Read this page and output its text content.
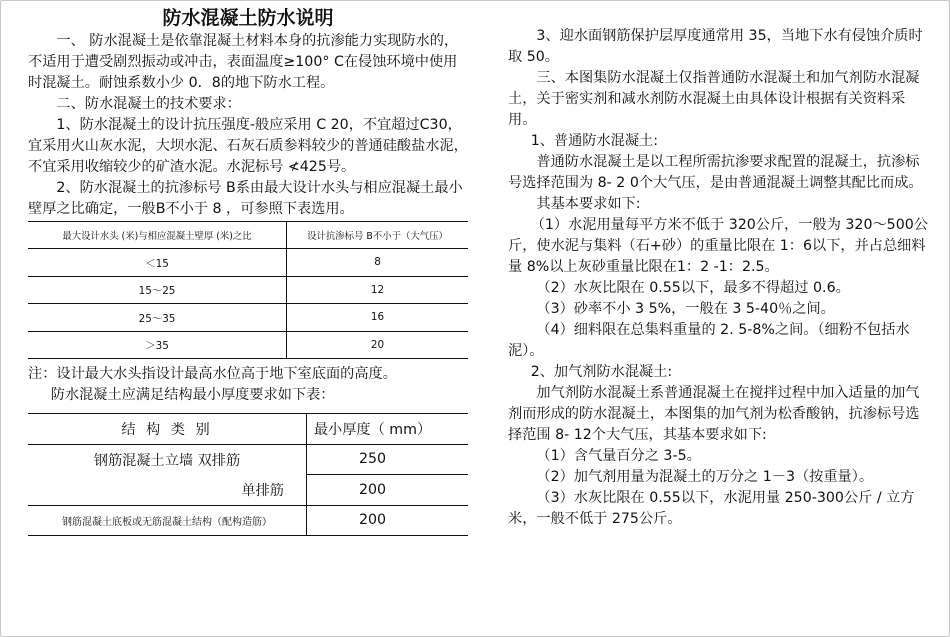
防水混凝土防水说明

一、 防水混凝土是依靠混凝土材料本身的抗渗能力实现防水的，不适用于遭受剧烈振动或冲击，表面温度≥100° C在侵蚀环境中使用时混凝土。耐蚀系数小少 0．8的地下防水工程。

二、防水混凝土的技术要求：

1、防水混凝土的设计抗压强度-般应采用 C 20，不宜超过C30，宜采用火山灰水泥，大坝水泥、石灰石质参料较少的普通硅酸盐水泥，不宜采用收缩较少的矿渣水泥。水泥标号 ≮425号。

2、防水混凝土的抗渗标号 B系由最大设计水头与相应混凝土最小壁厚之比确定，一般B不小于 8 ，可参照下表选用。

最大设计水头 (米)与相应混凝土壁厚 (米)之比	设计抗渗标号 B不小于（大气压）
＜15	8
15～25	12
25～35	16
＞35	20

注：设计最大水头指设计最高水位高于地下室底面的高度。

防水混凝土应满足结构最小厚度要求如下表：

结 构 类 别	最小厚度（ mm）
钢筋混凝土立墙 双排筋	250
单排筋	200
钢筋混凝土底板或无筋混凝土结构（配构造筋）	200

3、迎水面钢筋保护层厚度通常用 35，当地下水有侵蚀介质时取 50。

三、本图集防水混凝土仅指普通防水混凝土和加气剂防水混凝土，关于密实剂和减水剂防水混凝土由具体设计根据有关资料采用。

1、普通防水混凝土:

普通防水混凝土是以工程所需抗渗要求配置的混凝土，抗渗标号选择范围为 8- 2 0个大气压，是由普通混凝土调整其配比而成。

其基本要求如下:

（1）水泥用量每平方米不低于 320公斤，一般为 320～500公斤，使水泥与集料（石+砂）的重量比限在 1：6以下，并占总细料量 8%以上灰砂重量比限在1：2 -1：2.5。

（2）水灰比限在 0.55以下，最多不得超过 0.6。

（3）砂率不小 3 5%，一般在 3 5-40％之间。

（4）细料限在总集料重量的 2. 5-8%之间。（细粉不包括水泥）。

2、加气剂防水混凝土:

加气剂防水混凝土系普通混凝土在搅拌过程中加入适量的加气剂而形成的防水混凝土，本图集的加气剂为松香酸钠，抗渗标号选择范围 8- 12个大气压，其基本要求如下:

（1）含气量百分之 3-5。

（2）加气剂用量为混凝土的万分之 1－3（按重量）。

（3）水灰比限在 0.55以下，水泥用量 250-300公斤 / 立方米，一般不低于 275公斤。
